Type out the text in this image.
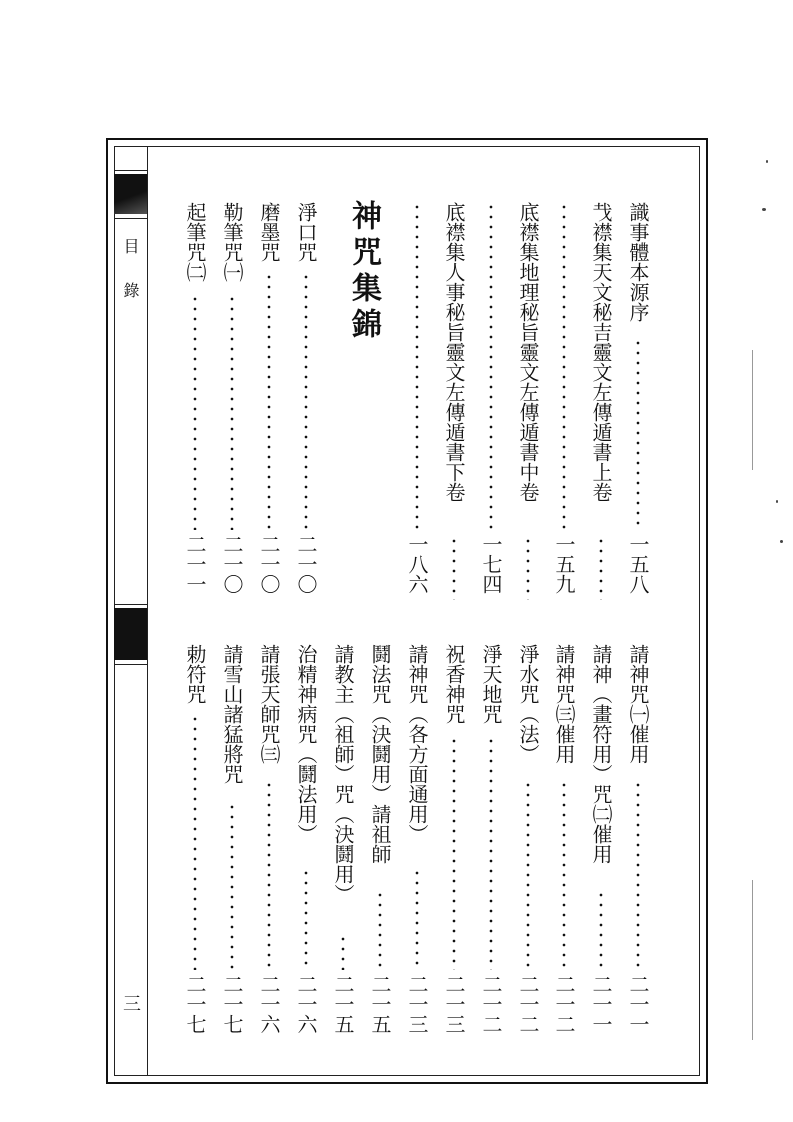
目錄
三
神咒集錦	識事體本源序
一五八
𢦏襟集天文秘吉靈文左傳遁書上卷
一五九
底襟集地理秘旨靈文左傳遁書中卷
一七四
底襟集人事秘旨靈文左傳遁書下卷
一八六
淨口咒
二一〇
磨墨咒
二一〇
勒筆咒㈠
二一〇
起筆咒㈡
二一一
請神咒㈠催用
二一一
請神（畫符用）咒㈡催用
二一一
請神咒㈢催用
二一二
淨水咒（法）
二一二
淨天地咒
二一二
祝香神咒
二一三
請神咒（各方面通用）
二一三
鬪法咒（決鬪用）請祖師
二一五
請教主（祖師）咒（決鬪用）
二一五
治精神病咒（鬪法用）
二一六
請張天師咒㈢
二一六
請雪山諸猛將咒
二一七
勅符咒
二一七
